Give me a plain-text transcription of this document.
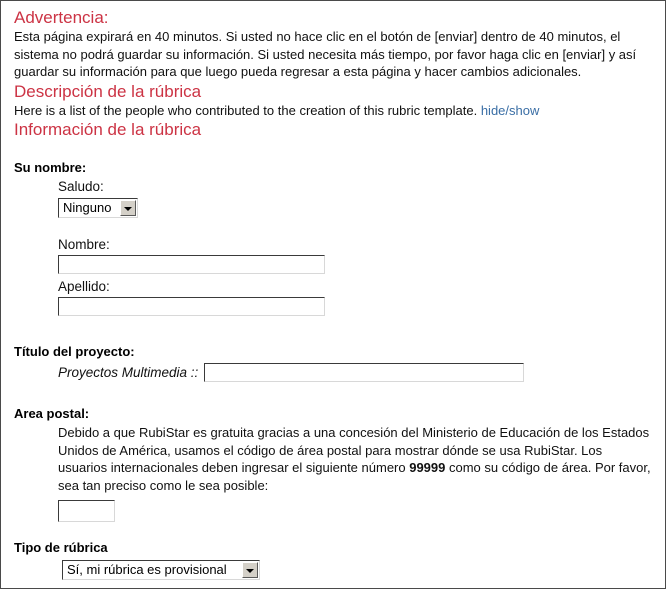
Advertencia:

Esta página expirará en 40 minutos. Si usted no hace clic en el botón de [enviar] dentro de 40 minutos, el sistema no podrá guardar su información. Si usted necesita más tiempo, por favor haga clic en [enviar] y así guardar su información para que luego pueda regresar a esta página y hacer cambios adicionales.

Descripción de la rúbrica

Here is a list of the people who contributed to the creation of this rubric template. hide/show

Información de la rúbrica
Su nombre:
Saludo:
Ninguno
Nombre:
Apellido:
Título del proyecto:
Proyectos Multimedia ::
Area postal:

Debido a que RubiStar es gratuita gracias a una concesión del Ministerio de Educación de los Estados Unidos de América, usamos el código de área postal para mostrar dónde se usa RubiStar. Los usuarios internacionales deben ingresar el siguiente número 99999 como su código de área. Por favor, sea tan preciso como le sea posible:

Tipo de rúbrica
Sí, mi rúbrica es provisional
